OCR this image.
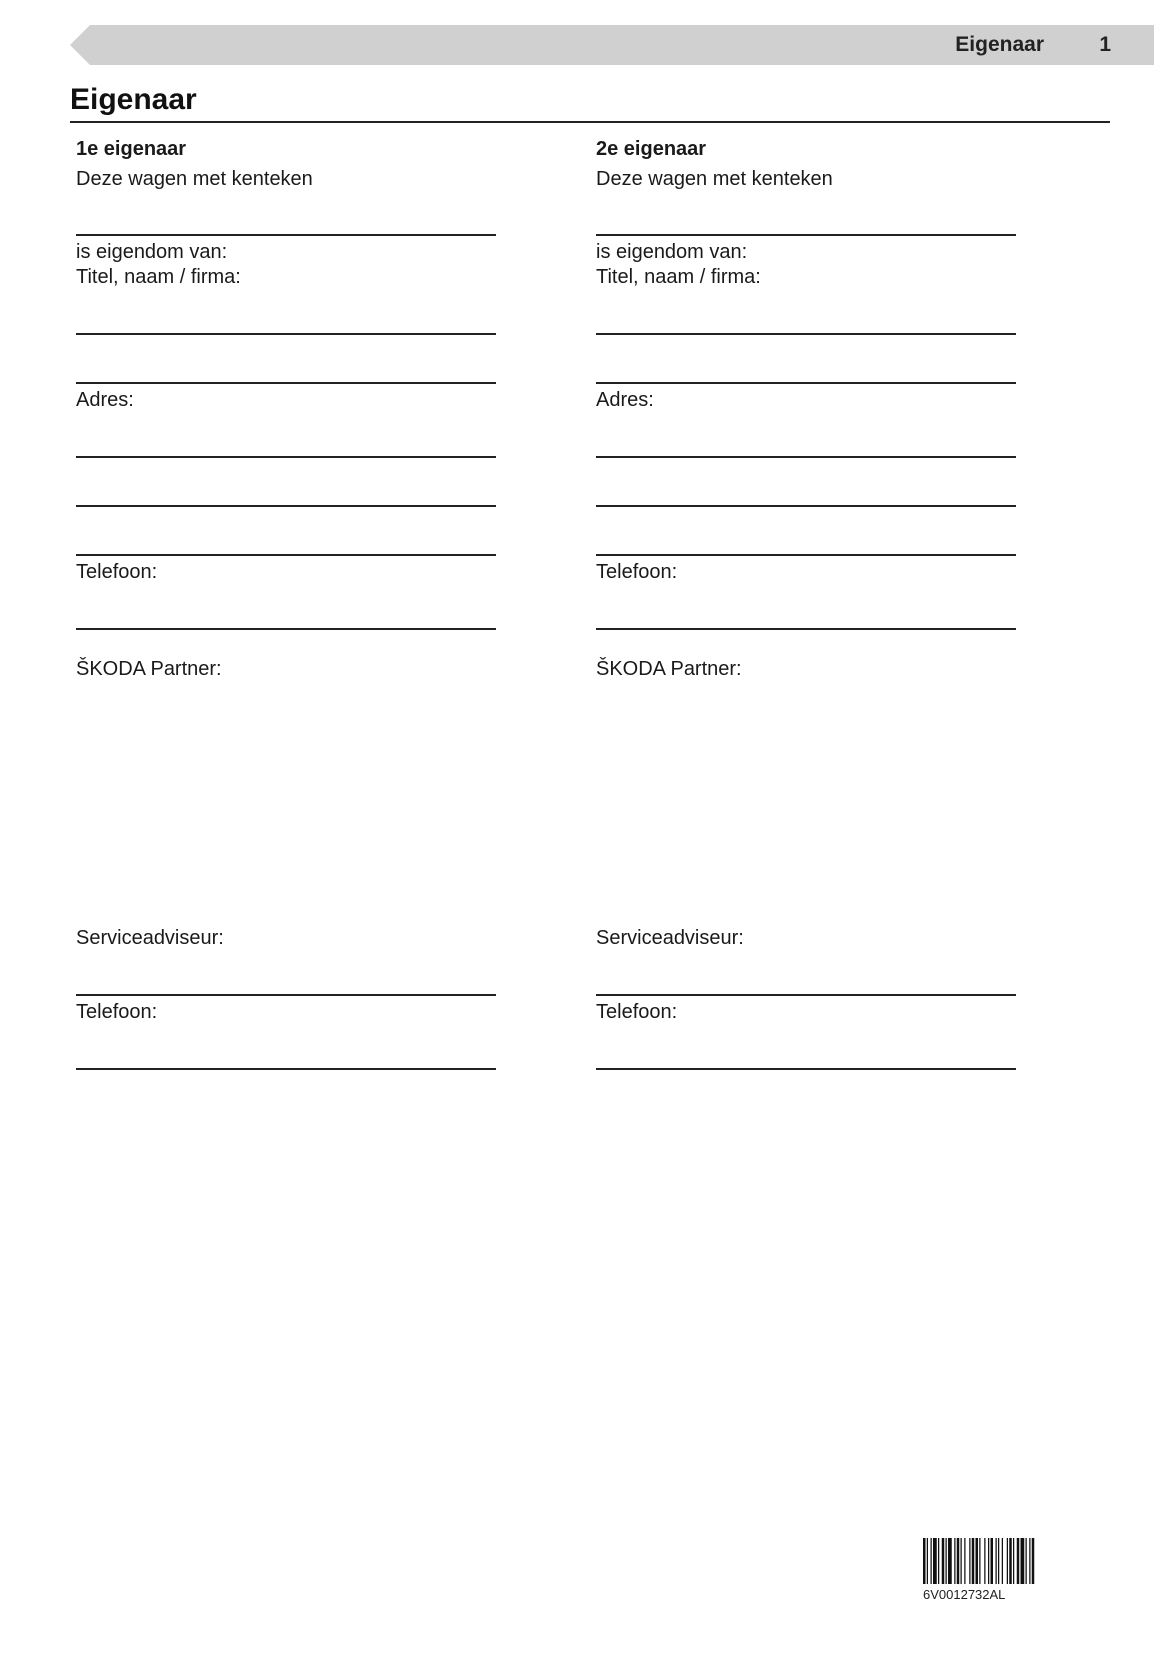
Eigenaar	1
Eigenaar
1e eigenaar
Deze wagen met kenteken
is eigendom van:
Titel, naam / firma:
Adres:
Telefoon:
ŠKODA Partner:
Serviceadviseur:
Telefoon:
2e eigenaar
Deze wagen met kenteken
is eigendom van:
Titel, naam / firma:
Adres:
Telefoon:
ŠKODA Partner:
Serviceadviseur:
Telefoon:
6V0012732AL
